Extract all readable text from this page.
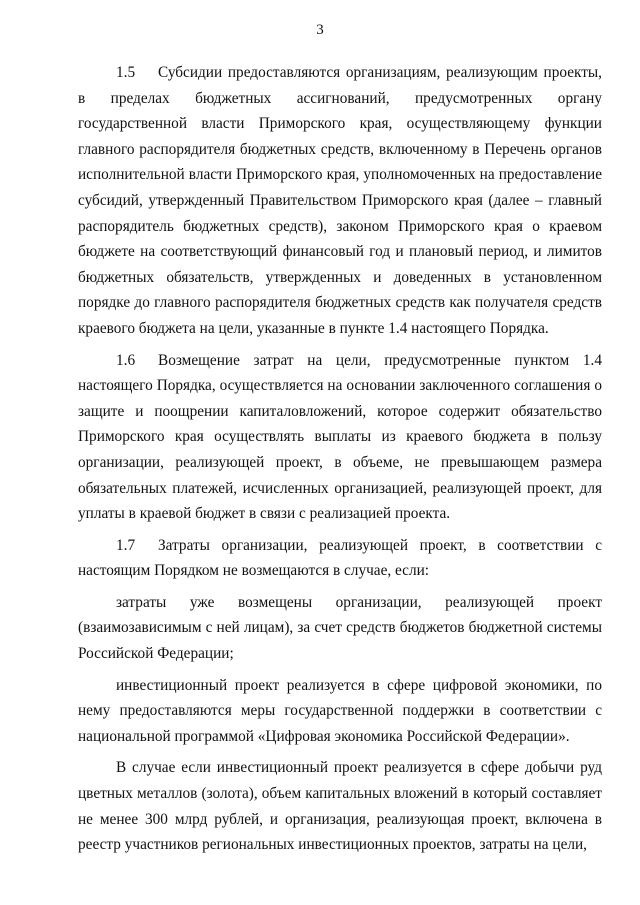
3

1.5 Субсидии предоставляются организациям, реализующим проекты, в пределах бюджетных ассигнований, предусмотренных органу государственной власти Приморского края, осуществляющему функции главного распорядителя бюджетных средств, включенному в Перечень органов исполнительной власти Приморского края, уполномоченных на предоставление субсидий, утвержденный Правительством Приморского края (далее – главный распорядитель бюджетных средств), законом Приморского края о краевом бюджете на соответствующий финансовый год и плановый период, и лимитов бюджетных обязательств, утвержденных и доведенных в установленном порядке до главного распорядителя бюджетных средств как получателя средств краевого бюджета на цели, указанные в пункте 1.4 настоящего Порядка.

1.6 Возмещение затрат на цели, предусмотренные пунктом 1.4 настоящего Порядка, осуществляется на основании заключенного соглашения о защите и поощрении капиталовложений, которое содержит обязательство Приморского края осуществлять выплаты из краевого бюджета в пользу организации, реализующей проект, в объеме, не превышающем размера обязательных платежей, исчисленных организацией, реализующей проект, для уплаты в краевой бюджет в связи с реализацией проекта.

1.7 Затраты организации, реализующей проект, в соответствии с настоящим Порядком не возмещаются в случае, если:

затраты уже возмещены организации, реализующей проект (взаимозависимым с ней лицам), за счет средств бюджетов бюджетной системы Российской Федерации;

инвестиционный проект реализуется в сфере цифровой экономики, по нему предоставляются меры государственной поддержки в соответствии с национальной программой «Цифровая экономика Российской Федерации».

В случае если инвестиционный проект реализуется в сфере добычи руд цветных металлов (золота), объем капитальных вложений в который составляет не менее 300 млрд рублей, и организация, реализующая проект, включена в реестр участников региональных инвестиционных проектов, затраты на цели,
